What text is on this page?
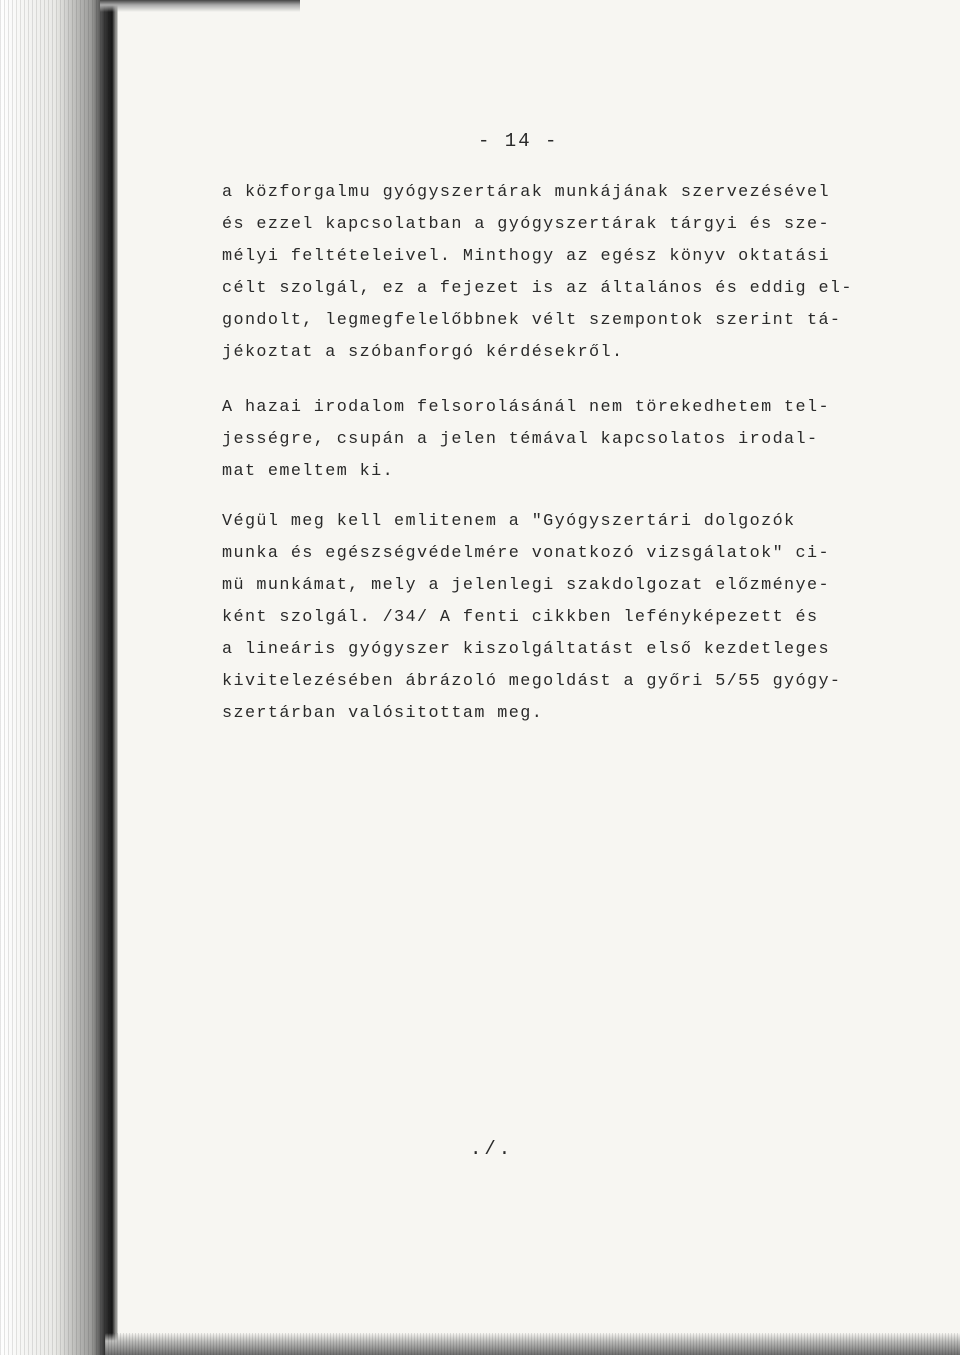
- 14 -
a közforgalmu gyógyszertárak munkájának szervezésével
és ezzel kapcsolatban a gyógyszertárak tárgyi és sze-
mélyi feltételeivel. Minthogy az egész könyv oktatási
célt szolgál, ez a fejezet is az általános és eddig el-
gondolt, legmegfelelőbbnek vélt szempontok szerint tá-
jékoztat a szóbanforgó kérdésekről.
A hazai irodalom felsorolásánál nem törekedhetem tel-
jességre, csupán a jelen témával kapcsolatos irodal-
mat emeltem ki.
Végül meg kell emlitenem a "Gyógyszertári dolgozók
munka és egészségvédelmére vonatkozó vizsgálatok" ci-
mü munkámat, mely a jelenlegi szakdolgozat előzménye-
ként szolgál. /34/ A fenti cikkben lefényképezett és
a lineáris gyógyszer kiszolgáltatást első kezdetleges
kivitelezésében ábrázoló megoldást a győri 5/55 gyógy-
szertárban valósitottam meg.
./.
